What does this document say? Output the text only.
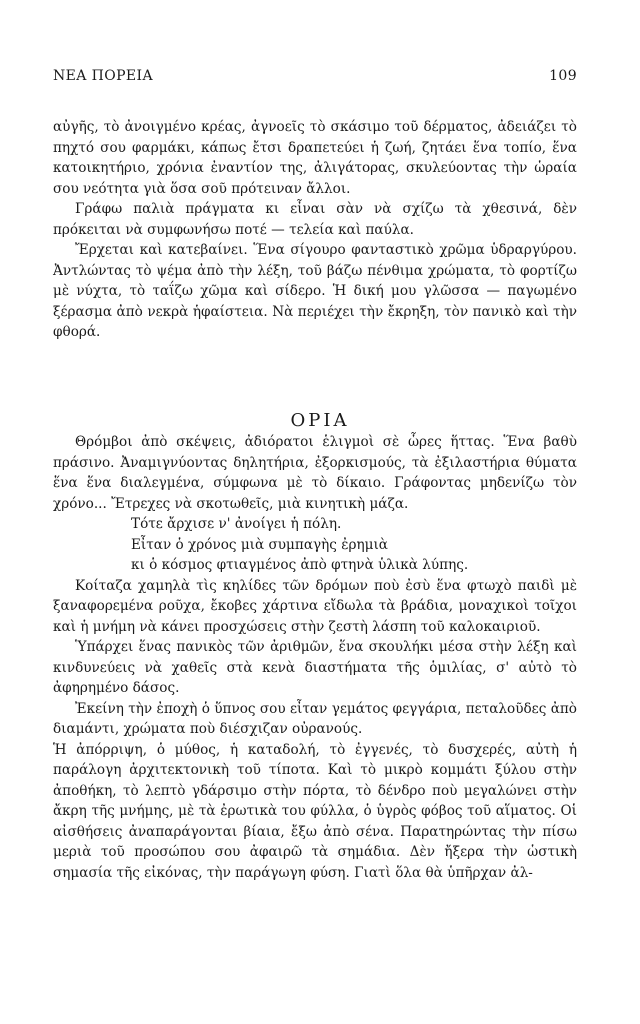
ΝΕΑ ΠΟΡΕΙΑ	109

αὐγῆς, τὸ ἀνοιγμένο κρέας, ἀγνοεῖς τὸ σκάσιμο τοῦ δέρματος, ἀδειάζει τὸ πηχτό σου φαρμάκι, κάπως ἔτσι δραπετεύει ἡ ζωή, ζητάει ἕνα τοπίο, ἕνα κατοικητήριο, χρόνια ἐναντίον της, ἀλιγάτορας, σκυλεύοντας τὴν ὡραία σου νεότητα γιὰ ὅσα σοῦ πρότειναν ἄλλοι.

Γράφω παλιὰ πράγματα κι εἶναι σὰν νὰ σχίζω τὰ χθεσινά, δὲν πρόκειται νὰ συμφωνήσω ποτέ — τελεία καὶ παύλα.

Ἔρχεται καὶ κατεβαίνει. Ἕνα σίγουρο φανταστικὸ χρῶμα ὑδραργύρου. Ἀντλώντας τὸ ψέμα ἀπὸ τὴν λέξη, τοῦ βάζω πένθιμα χρώματα, τὸ φορτίζω μὲ νύχτα, τὸ ταΐζω χῶμα καὶ σίδερο. Ἡ δική μου γλῶσσα — παγωμένο ξέρασμα ἀπὸ νεκρὰ ἡφαίστεια. Νὰ περιέχει τὴν ἔκρηξη, τὸν πανικὸ καὶ τὴν φθορά.

ΟΡΙΑ

Θρόμβοι ἀπὸ σκέψεις, ἀδιόρατοι ἑλιγμοὶ σὲ ὧρες ἥττας. Ἕνα βαθὺ πράσινο. Ἀναμιγνύοντας δηλητήρια, ἐξορκισμούς, τὰ ἐξιλαστήρια θύματα ἕνα ἕνα διαλεγμένα, σύμφωνα μὲ τὸ δίκαιο. Γράφοντας μηδενίζω τὸν χρόνο... Ἔτρεχες νὰ σκοτωθεῖς, μιὰ κινητικὴ μάζα.

Τότε ἄρχισε ν' ἀνοίγει ἡ πόλη.
Εἶταν ὁ χρόνος μιὰ συμπαγὴς ἐρημιὰ
κι ὁ κόσμος φτιαγμένος ἀπὸ φτηνὰ ὑλικὰ λύπης.

Κοίταζα χαμηλὰ τὶς κηλίδες τῶν δρόμων ποὺ ἐσὺ ἕνα φτωχὸ παιδὶ μὲ ξαναφορεμένα ροῦχα, ἔκοβες χάρτινα εἴδωλα τὰ βράδια, μοναχικοὶ τοῖχοι καὶ ἡ μνήμη νὰ κάνει προσχώσεις στὴν ζεστὴ λάσπη τοῦ καλοκαιριοῦ.

Ὑπάρχει ἕνας πανικὸς τῶν ἀριθμῶν, ἕνα σκουλήκι μέσα στὴν λέξη καὶ κινδυνεύεις νὰ χαθεῖς στὰ κενὰ διαστήματα τῆς ὁμιλίας, σ' αὐτὸ τὸ ἀφηρημένο δάσος.

Ἐκείνη τὴν ἐποχὴ ὁ ὕπνος σου εἶταν γεμάτος φεγγάρια, πεταλοῦδες ἀπὸ διαμάντι, χρώματα ποὺ διέσχιζαν οὐρανούς.

Ἡ ἀπόρριψη, ὁ μύθος, ἡ καταδολή, τὸ ἐγγενές, τὸ δυσχερές, αὐτὴ ἡ παράλογη ἀρχιτεκτονικὴ τοῦ τίποτα. Καὶ τὸ μικρὸ κομμάτι ξύλου στὴν ἀποθήκη, τὸ λεπτὸ γδάρσιμο στὴν πόρτα, τὸ δένδρο ποὺ μεγαλώνει στὴν ἄκρη τῆς μνήμης, μὲ τὰ ἐρωτικὰ του φύλλα, ὁ ὑγρὸς φόβος τοῦ αἵματος. Οἱ αἰσθήσεις ἀναπαράγονται βίαια, ἔξω ἀπὸ σένα. Παρατηρώντας τὴν πίσω μεριὰ τοῦ προσώπου σου ἀφαιρῶ τὰ σημάδια. Δὲν ἤξερα τὴν ὡστικὴ σημασία τῆς εἰκόνας, τὴν παράγωγη φύση. Γιατὶ ὅλα θὰ ὑπῆρχαν ἀλ-
